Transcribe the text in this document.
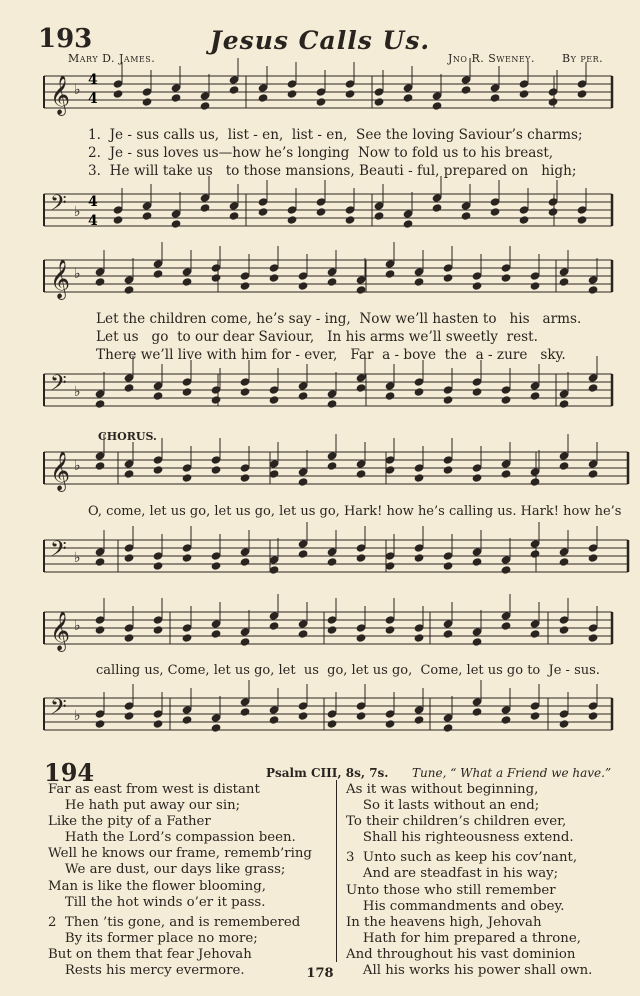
193	Jesus Calls Us.
Mary D. James.	Jno R. Sweney. By per.
𝄞 ♭
𝄢 ♭
𝄞 ♭
𝄢 ♭
𝄞 ♭
𝄢 ♭
𝄞 ♭
𝄢 ♭
4
4
4
4
1.  Je - sus calls us,  list - en,  list - en,  See the loving Saviour’s charms;
2.  Je - sus loves us—how he’s longing  Now to fold us to his breast,
3.  He will take us   to those mansions, Beauti - ful, prepared on   high;
Let the children come, he’s say - ing,  Now we’ll hasten to   his   arms.
Let us   go  to our dear Saviour,   In his arms we’ll sweetly  rest.
There we’ll live with him for - ever,   Far  a - bove  the  a - zure   sky.
CHORUS.
O, come, let us go, let us go, let us go, Hark! how he’s calling us. Hark! how he’s
calling us, Come, let us go, let  us  go, let us go,  Come, let us go to  Je - sus.
194	Psalm CIII, 8s, 7s. Tune, “ What a Friend we have.”
Far as east from west is distant
He hath put away our sin;
Like the pity of a Father
Hath the Lord’s compassion been.
Well he knows our frame, rememb’ring
We are dust, our days like grass;
Man is like the flower blooming,
Till the hot winds o’er it pass.

2  Then ’tis gone, and is remembered
By its former place no more;
But on them that fear Jehovah
Rests his mercy evermore.
As it was without beginning,
So it lasts without an end;
To their children’s children ever,
Shall his righteousness extend.

3  Unto such as keep his cov’nant,
And are steadfast in his way;
Unto those who still remember
His commandments and obey.
In the heavens high, Jehovah
Hath for him prepared a throne,
And throughout his vast dominion
All his works his power shall own.
178
